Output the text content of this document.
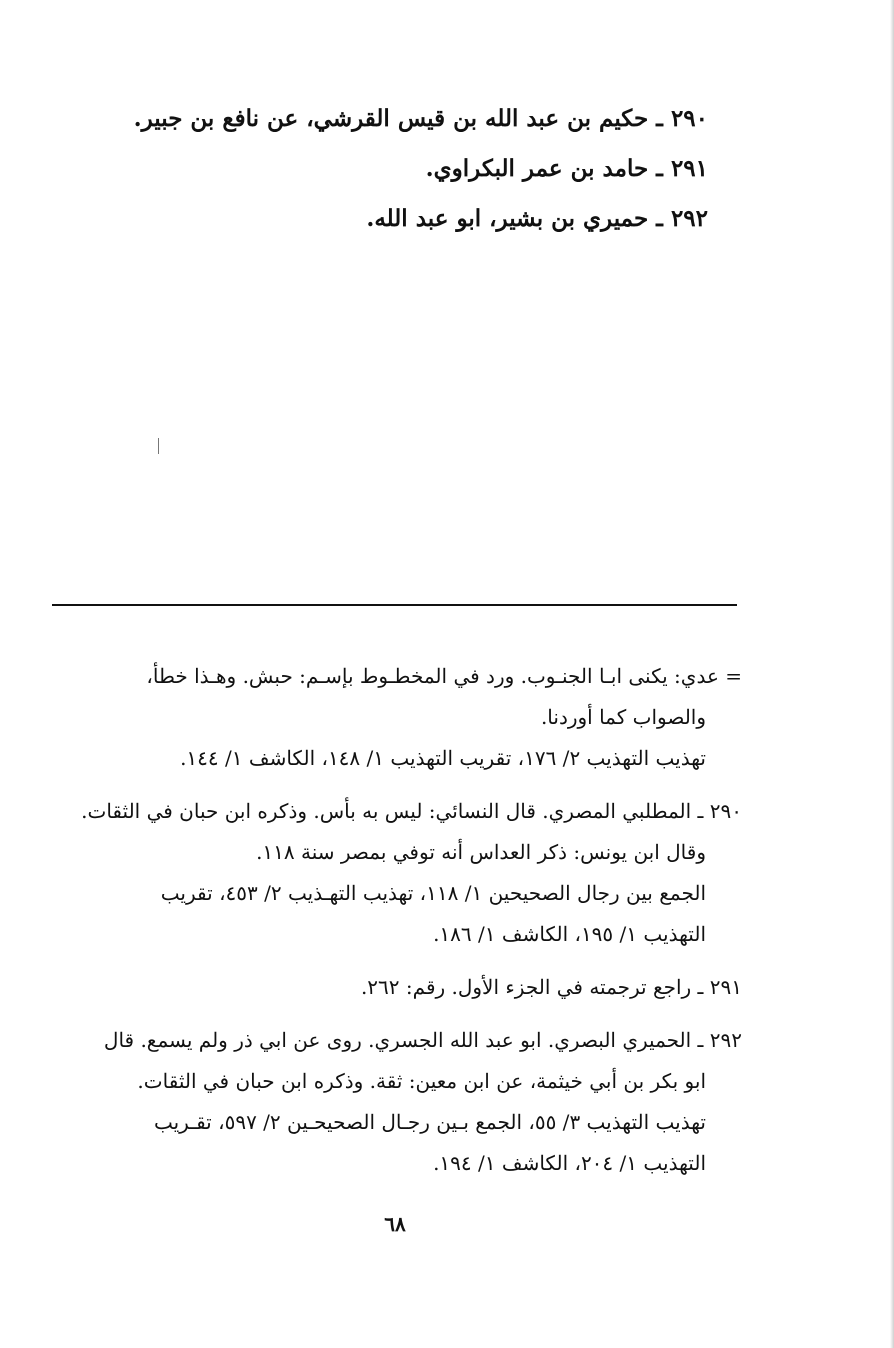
٢٩٠ ـ حكيم بن عبد الله بن قيس القرشي، عن نافع بن جبير.
٢٩١ ـ حامد بن عمر البكراوي.
٢٩٢ ـ حميري بن بشير، ابو عبد الله.
= عدي: يكنى ابـا الجنـوب. ورد في المخطـوط بإسـم: حبش. وهـذا خطأ،
والصواب كما أوردنا.
تهذيب التهذيب ٢/ ١٧٦، تقريب التهذيب ١/ ١٤٨، الكاشف ١/ ١٤٤.
٢٩٠ ـ المطلبي المصري. قال النسائي: ليس به بأس. وذكره ابن حبان في الثقات.
وقال ابن يونس: ذكر العداس أنه توفي بمصر سنة ١١٨.
الجمع بين رجال الصحيحين ١/ ١١٨، تهذيب التهـذيب ٢/ ٤٥٣، تقريب
التهذيب ١/ ١٩٥، الكاشف ١/ ١٨٦.
٢٩١ ـ راجع ترجمته في الجزء الأول. رقم: ٢٦٢.
٢٩٢ ـ الحميري البصري. ابو عبد الله الجسري. روى عن ابي ذر ولم يسمع. قال
ابو بكر بن أبي خيثمة، عن ابن معين: ثقة. وذكره ابن حبان في الثقات.
تهذيب التهذيب ٣/ ٥٥، الجمع بـين رجـال الصحيحـين ٢/ ٥٩٧، تقـريب
التهذيب ١/ ٢٠٤، الكاشف ١/ ١٩٤.
٦٨
